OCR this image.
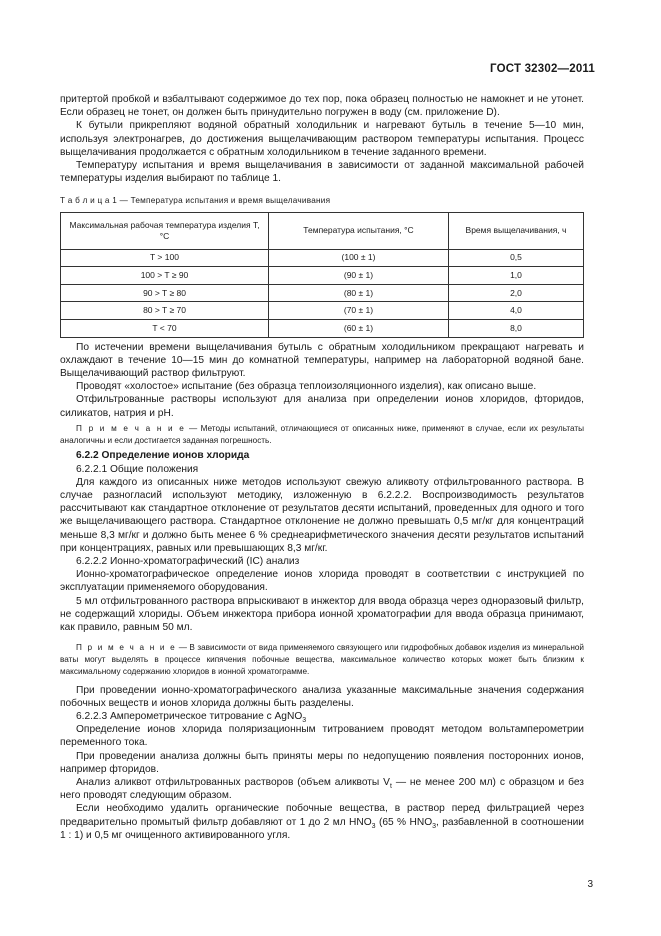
ГОСТ 32302—2011

притертой пробкой и взбалтывают содержимое до тех пор, пока образец полностью не намокнет и не утонет. Если образец не тонет, он должен быть принудительно погружен в воду (см. приложение D).

К бутыли прикрепляют водяной обратный холодильник и нагревают бутыль в течение 5—10 мин, используя электронагрев, до достижения выщелачивающим раствором температуры испытания. Процесс выщелачивания продолжается с обратным холодильником в течение заданного времени.

Температуру испытания и время выщелачивания в зависимости от заданной максимальной рабочей температуры изделия выбирают по таблице 1.

Т а б л и ц а 1 — Температура испытания и время выщелачивания
Максимальная рабочая температура изделия T, °С	Температура испытания, °С	Время выщелачивания, ч
T > 100	(100 ± 1)	0,5
100 > T ≥ 90	(90 ± 1)	1,0
90 > T ≥ 80	(80 ± 1)	2,0
80 > T ≥ 70	(70 ± 1)	4,0
T < 70	(60 ± 1)	8,0

По истечении времени выщелачивания бутыль с обратным холодильником прекращают нагревать и охлаждают в течение 10—15 мин до комнатной температуры, например на лабораторной водяной бане. Выщелачивающий раствор фильтруют.

Проводят «холостое» испытание (без образца теплоизоляционного изделия), как описано выше.

Отфильтрованные растворы используют для анализа при определении ионов хлоридов, фторидов, силикатов, натрия и pH.

П р и м е ч а н и е — Методы испытаний, отличающиеся от описанных ниже, применяют в случае, если их результаты аналогичны и если достигается заданная погрешность.

6.2.2 Определение ионов хлорида

6.2.2.1 Общие положения

Для каждого из описанных ниже методов используют свежую аликвоту отфильтрованного раствора. В случае разногласий используют методику, изложенную в 6.2.2.2. Воспроизводимость результатов рассчитывают как стандартное отклонение от результатов десяти испытаний, проведенных для одного и того же выщелачивающего раствора. Стандартное отклонение не должно превышать 0,5 мг/кг для концентраций меньше 8,3 мг/кг и должно быть менее 6 % среднеарифметического значения десяти результатов испытаний при концентрациях, равных или превышающих 8,3 мг/кг.

6.2.2.2 Ионно-хроматографический (IC) анализ

Ионно-хроматографическое определение ионов хлорида проводят в соответствии с инструкцией по эксплуатации применяемого оборудования.

5 мл отфильтрованного раствора впрыскивают в инжектор для ввода образца через одноразовый фильтр, не содержащий хлориды. Объем инжектора прибора ионной хроматографии для ввода образца принимают, как правило, равным 50 мл.

П р и м е ч а н и е — В зависимости от вида применяемого связующего или гидрофобных добавок изделия из минеральной ваты могут выделять в процессе кипячения побочные вещества, максимальное количество которых может быть близким к максимальному содержанию хлоридов в ионной хроматограмме.

При проведении ионно-хроматографического анализа указанные максимальные значения содержания побочных веществ и ионов хлорида должны быть разделены.

6.2.2.3 Амперометрическое титрование с AgNO$_3$

Определение ионов хлорида поляризационным титрованием проводят методом вольтамперометрии переменного тока.

При проведении анализа должны быть приняты меры по недопущению появления посторонних ионов, например фторидов.

Анализ аликвот отфильтрованных растворов (объем аликвоты $V_t$ — не менее 200 мл) с образцом и без него проводят следующим образом.

Если необходимо удалить органические побочные вещества, в раствор перед фильтрацией через предварительно промытый фильтр добавляют от 1 до 2 мл $HNO_3$ (65 % $HNO_3$, разбавленной в соотношении 1 : 1) и 0,5 мг очищенного активированного угля.

3
